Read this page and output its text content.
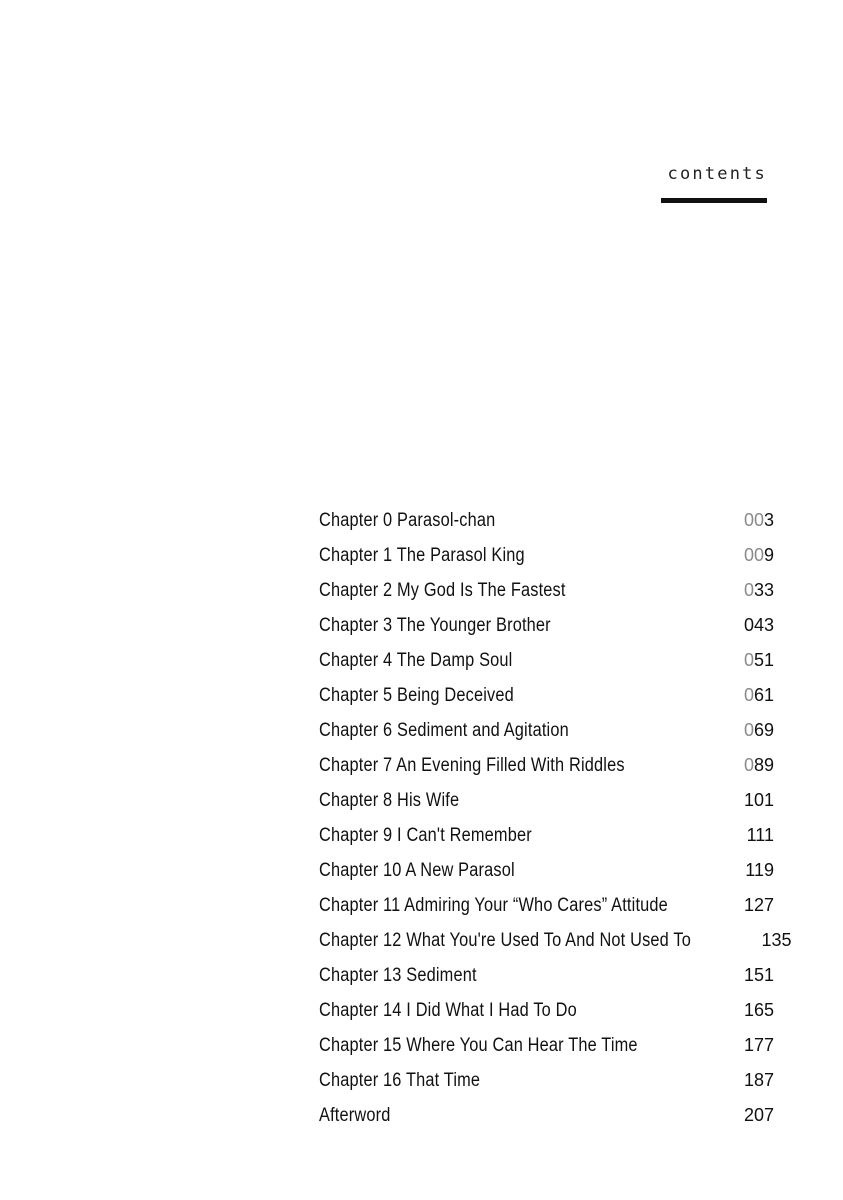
contents
Chapter 0 Parasol-chan	003
Chapter 1 The Parasol King	009
Chapter 2 My God Is The Fastest	033
Chapter 3 The Younger Brother	043
Chapter 4 The Damp Soul	051
Chapter 5 Being Deceived	061
Chapter 6 Sediment and Agitation	069
Chapter 7 An Evening Filled With Riddles	089
Chapter 8 His Wife	101
Chapter 9 I Can't Remember	111
Chapter 10 A New Parasol	119
Chapter 11 Admiring Your “Who Cares” Attitude	127
Chapter 12 What You're Used To And Not Used To	135
Chapter 13 Sediment	151
Chapter 14 I Did What I Had To Do	165
Chapter 15 Where You Can Hear The Time	177
Chapter 16 That Time	187
Afterword	207
